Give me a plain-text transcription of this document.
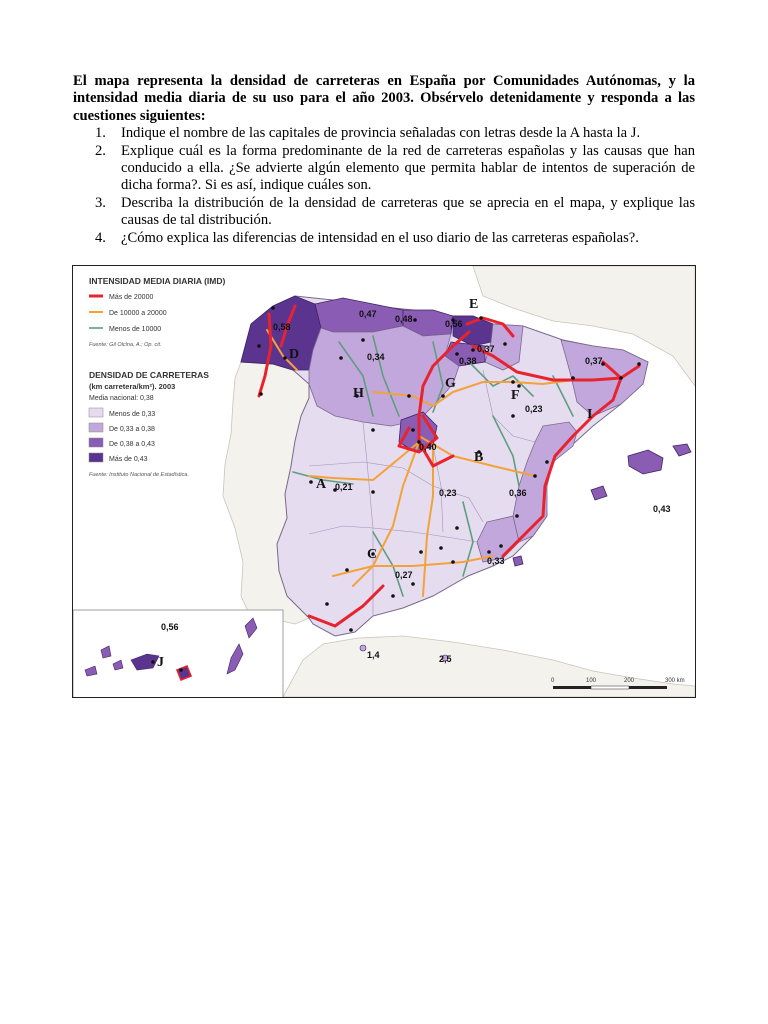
El mapa representa la densidad de carreteras en España por Comunidades Autónomas, y la intensidad media diaria de su uso para el año 2003. Obsérvelo detenidamente y responda a las cuestiones siguientes:

1. Indique el nombre de las capitales de provincia señaladas con letras desde la A hasta la J.
2. Explique cuál es la forma predominante de la red de carreteras españolas y las causas que han conducido a ella. ¿Se advierte algún elemento que permita hablar de intentos de superación de dicha forma?. Si es así, indique cuáles son.
3. Describa la distribución de la densidad de carreteras que se aprecia en el mapa, y explique las causas de tal distribución.
4. ¿Cómo explica las diferencias de intensidad en el uso diario de las carreteras españolas?.
0,58
0,47 0,48	0,56
0,34	0,38
0,37
0,37
0,23
0,40
0,21
0,23	0,36
0,43
0,27
0,33
0,56
1,4	2,5
A
B
C
D
E
F
G
H
I
J
INTENSIDAD MEDIA DIARIA (IMD)
Más de 20000
De 10000 a 20000
Menos de 10000
Fuente: Gil Olcina, A.; Op. cit.
DENSIDAD DE CARRETERAS
(km carretera/km²). 2003
Media nacional: 0,38
Menos de 0,33
De 0,33 a 0,38
De 0,38 a 0,43
Más de 0,43
Fuente: Instituto Nacional de Estadística.
0	100	200	300 km
